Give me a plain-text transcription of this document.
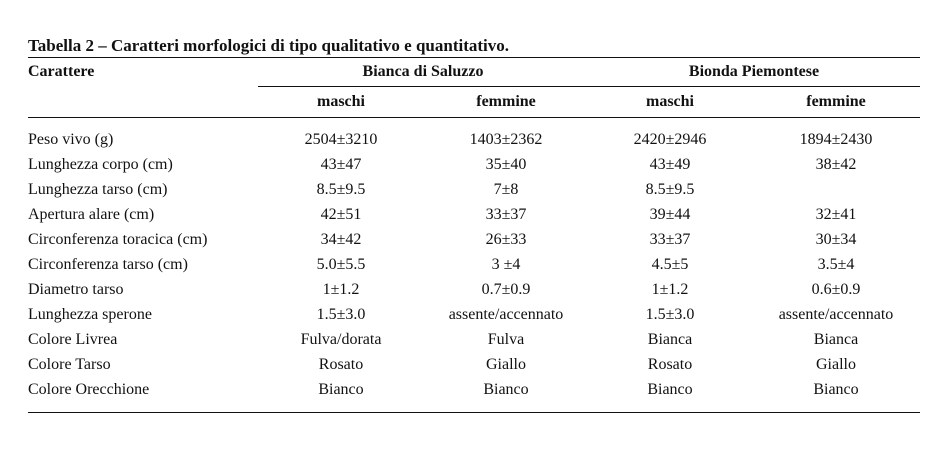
Tabella 2 – Caratteri morfologici di tipo qualitativo e quantitativo.
Carattere	Bianca di Saluzzo		Bionda Piemontese	
	maschi	femmine	maschi	femmine

Peso vivo (g)	2504±3210	1403±2362	2420±2946	1894±2430
Lunghezza corpo (cm)	43±47	35±40	43±49	38±42
Lunghezza tarso (cm)	8.5±9.5	7±8	8.5±9.5	
Apertura alare (cm)	42±51	33±37	39±44	32±41
Circonferenza toracica (cm)	34±42	26±33	33±37	30±34
Circonferenza tarso (cm)	5.0±5.5	3 ±4	4.5±5	3.5±4
Diametro tarso	1±1.2	0.7±0.9	1±1.2	0.6±0.9
Lunghezza sperone	1.5±3.0	assente/accennato	1.5±3.0	assente/accennato
Colore Livrea	Fulva/dorata	Fulva	Bianca	Bianca
Colore Tarso	Rosato	Giallo	Rosato	Giallo
Colore Orecchione	Bianco	Bianco	Bianco	Bianco
